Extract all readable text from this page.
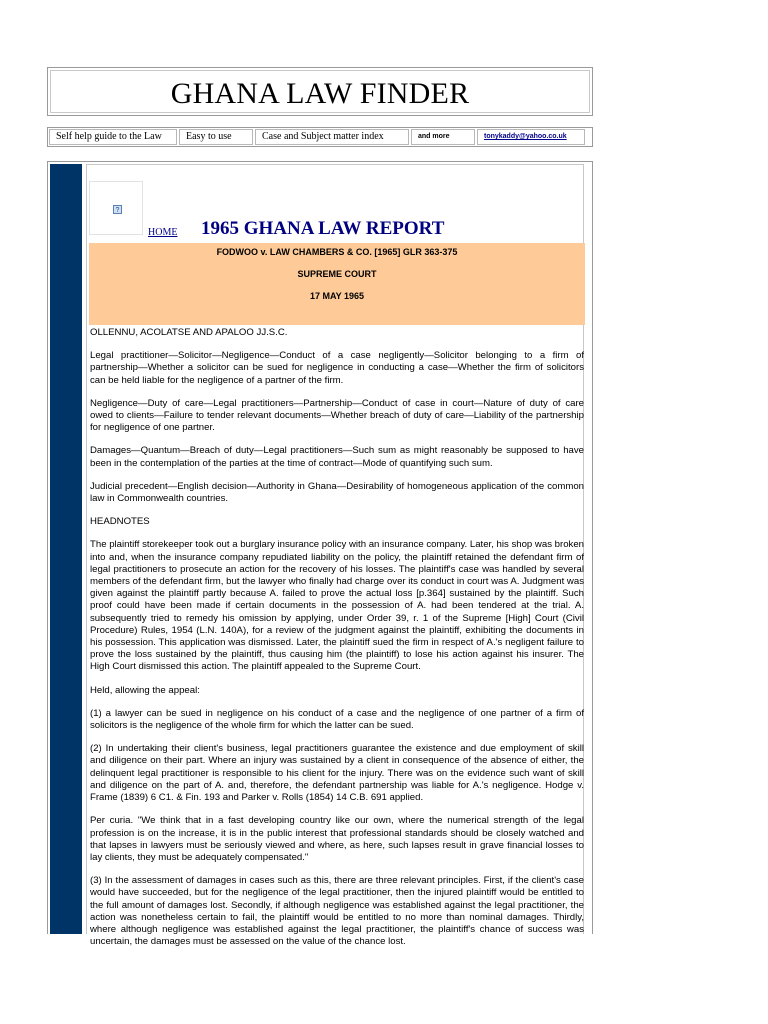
GHANA LAW FINDER
Self help guide to the Law	Easy to use	Case and Subject matter index	and more	tonykaddy@yahoo.co.uk
?
HOME 1965 GHANA LAW REPORT
FODWOO v. LAW CHAMBERS & CO. [1965] GLR 363-375
SUPREME COURT
17 MAY 1965

OLLENNU, ACOLATSE AND APALOO JJ.S.C.

Legal practitioner—Solicitor—Negligence—Conduct of a case negligently—Solicitor belonging to a firm of partnership—Whether a solicitor can be sued for negligence in conducting a case—Whether the firm of solicitors can be held liable for the negligence of a partner of the firm.

Negligence—Duty of care—Legal practitioners—Partnership—Conduct of case in court—Nature of duty of care owed to clients—Failure to tender relevant documents—Whether breach of duty of care—Liability of the partnership for negligence of one partner.

Damages—Quantum—Breach of duty—Legal practitioners—Such sum as might reasonably be supposed to have been in the contemplation of the parties at the time of contract—Mode of quantifying such sum.

Judicial precedent—English decision—Authority in Ghana—Desirability of homogeneous application of the common law in Commonwealth countries.

HEADNOTES

The plaintiff storekeeper took out a burglary insurance policy with an insurance company. Later, his shop was broken into and, when the insurance company repudiated liability on the policy, the plaintiff retained the defendant firm of legal practitioners to prosecute an action for the recovery of his losses. The plaintiff's case was handled by several members of the defendant firm, but the lawyer who finally had charge over its conduct in court was A. Judgment was given against the plaintiff partly because A. failed to prove the actual loss [p.364] sustained by the plaintiff. Such proof could have been made if certain documents in the possession of A. had been tendered at the trial. A. subsequently tried to remedy his omission by applying, under Order 39, r. 1 of the Supreme [High] Court (Civil Procedure) Rules, 1954 (L.N. 140A), for a review of the judgment against the plaintiff, exhibiting the documents in his possession. This application was dismissed. Later, the plaintiff sued the firm in respect of A.'s negligent failure to prove the loss sustained by the plaintiff, thus causing him (the plaintiff) to lose his action against his insurer. The High Court dismissed this action. The plaintiff appealed to the Supreme Court.

Held, allowing the appeal:

(1) a lawyer can be sued in negligence on his conduct of a case and the negligence of one partner of a firm of solicitors is the negligence of the whole firm for which the latter can be sued.

(2) In undertaking their client's business, legal practitioners guarantee the existence and due employment of skill and diligence on their part. Where an injury was sustained by a client in consequence of the absence of either, the delinquent legal practitioner is responsible to his client for the injury. There was on the evidence such want of skill and diligence on the part of A. and, therefore, the defendant partnership was liable for A.'s negligence. Hodge v. Frame (1839) 6 C1. & Fin. 193 and Parker v. Rolls (1854) 14 C.B. 691 applied.

Per curia. "We think that in a fast developing country like our own, where the numerical strength of the legal profession is on the increase, it is in the public interest that professional standards should be closely watched and that lapses in lawyers must be seriously viewed and where, as here, such lapses result in grave financial losses to lay clients, they must be adequately compensated."

(3) In the assessment of damages in cases such as this, there are three relevant principles. First, if the client's case would have succeeded, but for the negligence of the legal practitioner, then the injured plaintiff would be entitled to the full amount of damages lost. Secondly, if although negligence was established against the legal practitioner, the action was nonetheless certain to fail, the plaintiff would be entitled to no more than nominal damages. Thirdly, where although negligence was established against the legal practitioner, the plaintiff's chance of success was uncertain, the damages must be assessed on the value of the chance lost.
